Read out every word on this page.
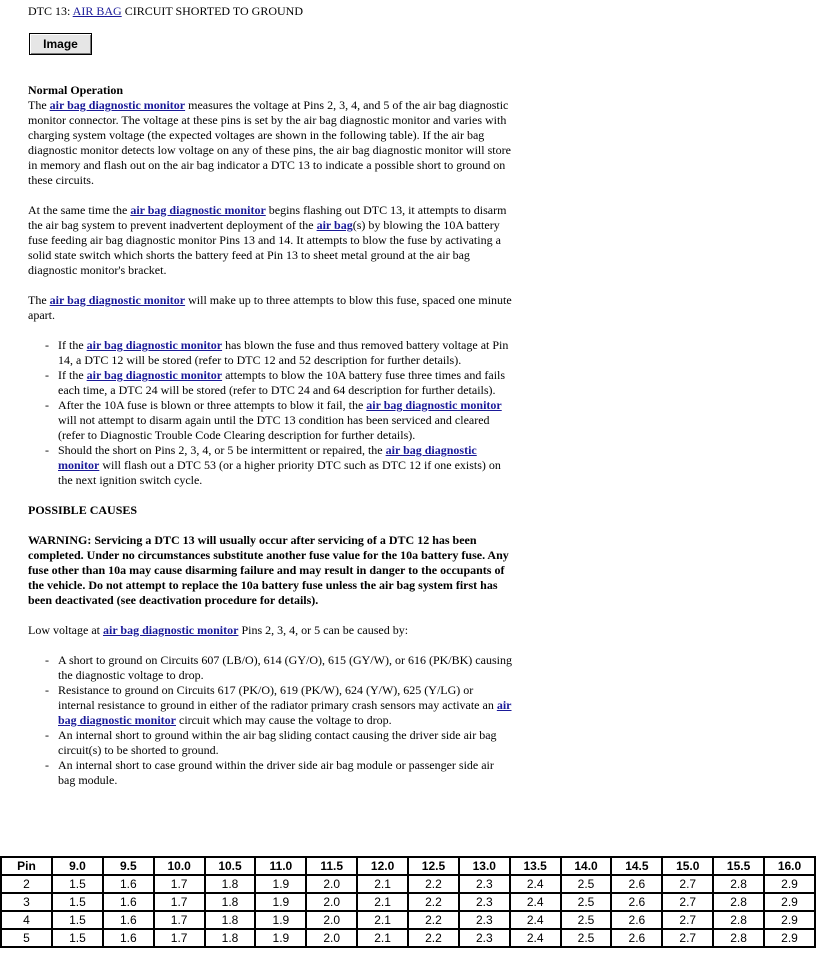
DTC 13: AIR BAG CIRCUIT SHORTED TO GROUND
Image

Normal Operation

The air bag diagnostic monitor measures the voltage at Pins 2, 3, 4, and 5 of the air bag diagnostic monitor connector. The voltage at these pins is set by the air bag diagnostic monitor and varies with charging system voltage (the expected voltages are shown in the following table). If the air bag diagnostic monitor detects low voltage on any of these pins, the air bag diagnostic monitor will store in memory and flash out on the air bag indicator a DTC 13 to indicate a possible short to ground on these circuits.

At the same time the air bag diagnostic monitor begins flashing out DTC 13, it attempts to disarm the air bag system to prevent inadvertent deployment of the air bag(s) by blowing the 10A battery fuse feeding air bag diagnostic monitor Pins 13 and 14. It attempts to blow the fuse by activating a solid state switch which shorts the battery feed at Pin 13 to sheet metal ground at the air bag diagnostic monitor's bracket.

The air bag diagnostic monitor will make up to three attempts to blow this fuse, spaced one minute apart.

- If the air bag diagnostic monitor has blown the fuse and thus removed battery voltage at Pin 14, a DTC 12 will be stored (refer to DTC 12 and 52 description for further details).
- If the air bag diagnostic monitor attempts to blow the 10A battery fuse three times and fails each time, a DTC 24 will be stored (refer to DTC 24 and 64 description for further details).
- After the 10A fuse is blown or three attempts to blow it fail, the air bag diagnostic monitor will not attempt to disarm again until the DTC 13 condition has been serviced and cleared (refer to Diagnostic Trouble Code Clearing description for further details).
- Should the short on Pins 2, 3, 4, or 5 be intermittent or repaired, the air bag diagnostic monitor will flash out a DTC 53 (or a higher priority DTC such as DTC 12 if one exists) on the next ignition switch cycle.

POSSIBLE CAUSES

WARNING: Servicing a DTC 13 will usually occur after servicing of a DTC 12 has been completed. Under no circumstances substitute another fuse value for the 10a battery fuse. Any fuse other than 10a may cause disarming failure and may result in danger to the occupants of the vehicle. Do not attempt to replace the 10a battery fuse unless the air bag system first has been deactivated (see deactivation procedure for details).

Low voltage at air bag diagnostic monitor Pins 2, 3, 4, or 5 can be caused by:

- A short to ground on Circuits 607 (LB/O), 614 (GY/O), 615 (GY/W), or 616 (PK/BK) causing the diagnostic voltage to drop.
- Resistance to ground on Circuits 617 (PK/O), 619 (PK/W), 624 (Y/W), 625 (Y/LG) or internal resistance to ground in either of the radiator primary crash sensors may activate an air bag diagnostic monitor circuit which may cause the voltage to drop.
- An internal short to ground within the air bag sliding contact causing the driver side air bag circuit(s) to be shorted to ground.
- An internal short to case ground within the driver side air bag module or passenger side air bag module.
Pin	9.0	9.5	10.0	10.5	11.0	11.5	12.0	12.5	13.0	13.5	14.0	14.5	15.0	15.5	16.0
2	1.5	1.6	1.7	1.8	1.9	2.0	2.1	2.2	2.3	2.4	2.5	2.6	2.7	2.8	2.9
3	1.5	1.6	1.7	1.8	1.9	2.0	2.1	2.2	2.3	2.4	2.5	2.6	2.7	2.8	2.9
4	1.5	1.6	1.7	1.8	1.9	2.0	2.1	2.2	2.3	2.4	2.5	2.6	2.7	2.8	2.9
5	1.5	1.6	1.7	1.8	1.9	2.0	2.1	2.2	2.3	2.4	2.5	2.6	2.7	2.8	2.9
